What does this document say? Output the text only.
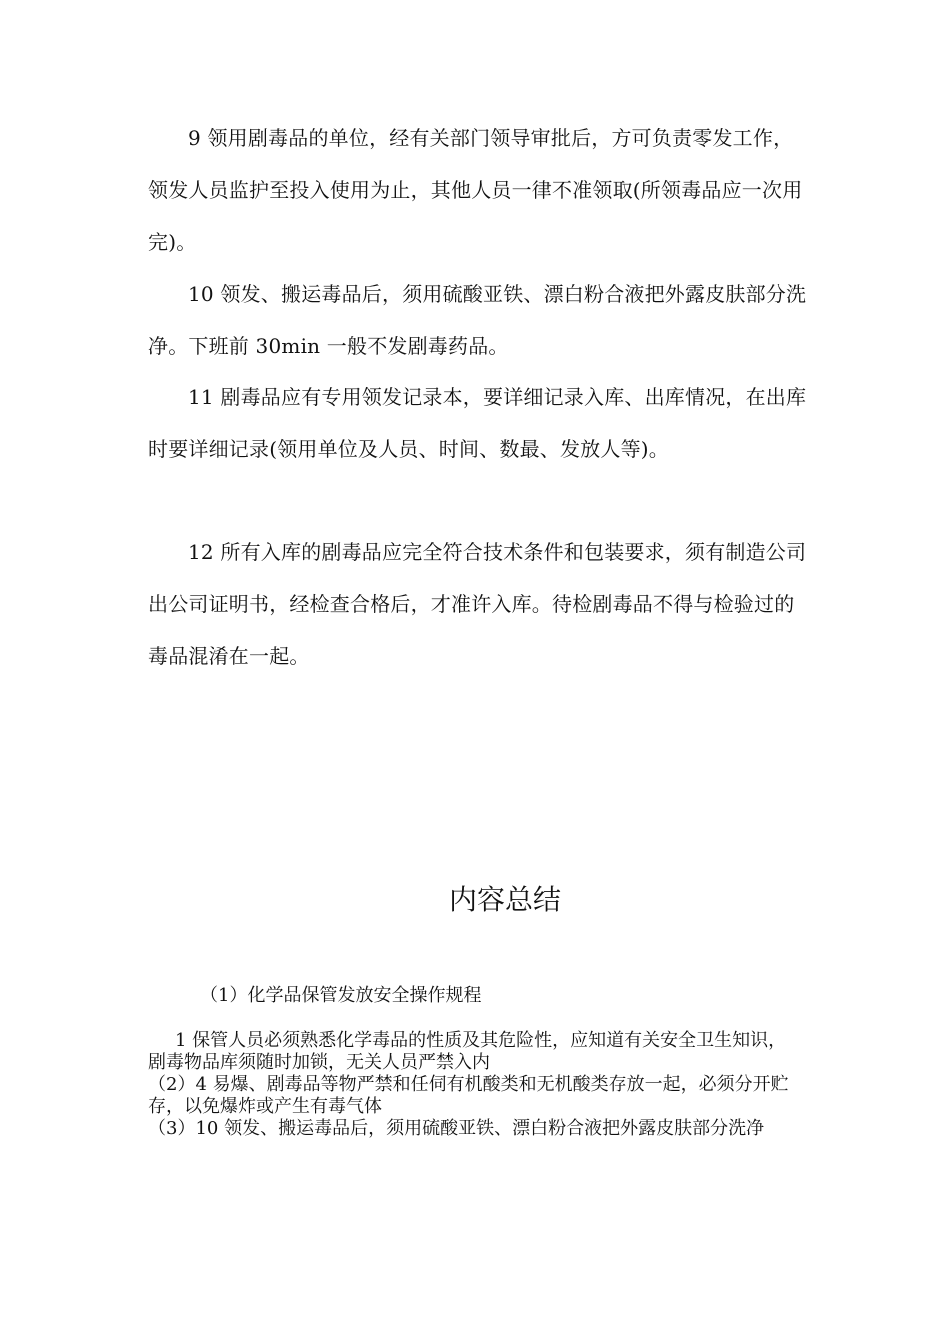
9 领用剧毒品的单位，经有关部门领导审批后，方可负责零发工作，领发人员监护至投入使用为止，其他人员一律不准领取(所领毒品应一次用完)。

10 领发、搬运毒品后，须用硫酸亚铁、漂白粉合液把外露皮肤部分洗净。下班前 30min 一般不发剧毒药品。

11 剧毒品应有专用领发记录本，要详细记录入库、出库情况，在出库时要详细记录(领用单位及人员、时间、数最、发放人等)。

12 所有入库的剧毒品应完全符合技术条件和包装要求，须有制造公司出公司证明书，经检查合格后，才准许入库。待检剧毒品不得与检验过的毒品混淆在一起。

内容总结
（1）化学品保管发放安全操作规程

1 保管人员必须熟悉化学毒品的性质及其危险性，应知道有关安全卫生知识，剧毒物品库须随时加锁，无关人员严禁入内

（2）4 易爆、剧毒品等物严禁和任伺有机酸类和无机酸类存放一起，必须分开贮存，以免爆炸或产生有毒气体

（3）10 领发、搬运毒品后，须用硫酸亚铁、漂白粉合液把外露皮肤部分洗净
